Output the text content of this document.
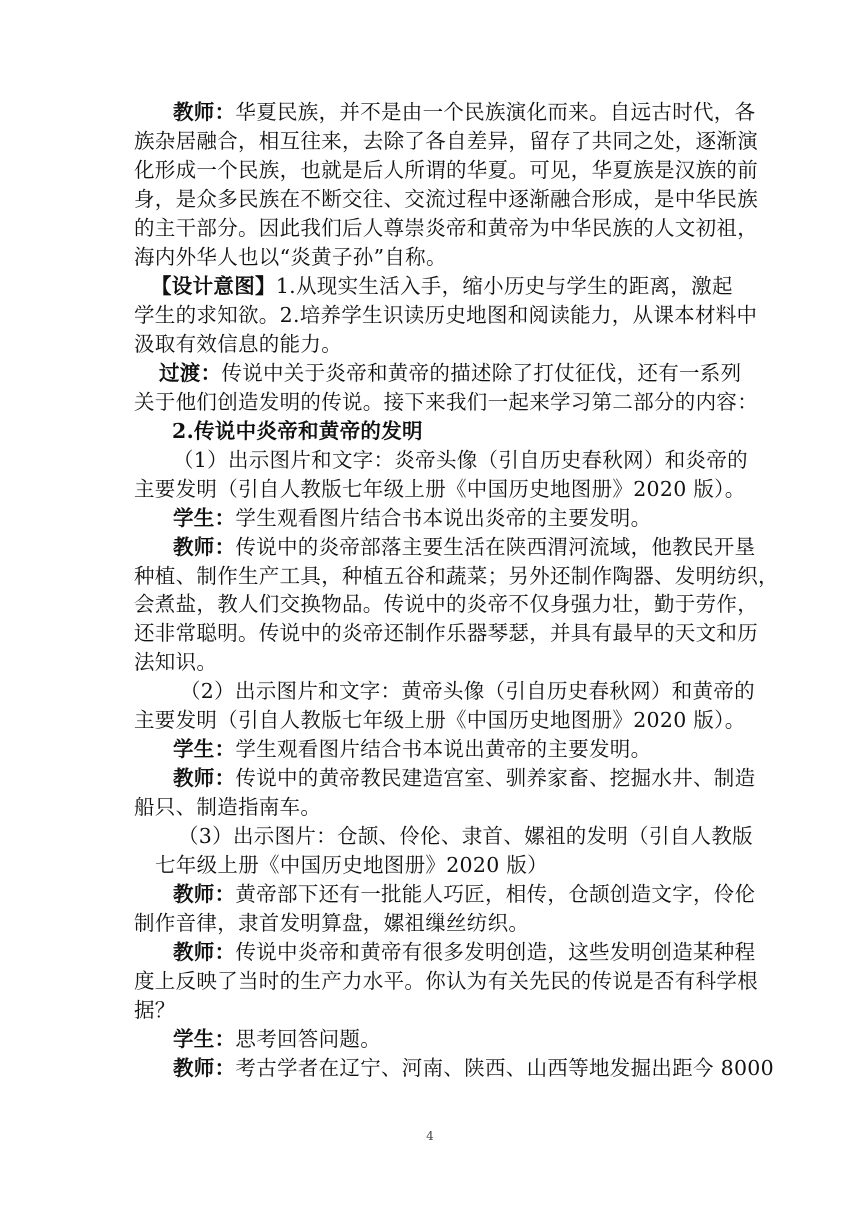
教师：华夏民族，并不是由一个民族演化而来。自远古时代，各
族杂居融合，相互往来，去除了各自差异，留存了共同之处，逐渐演
化形成一个民族，也就是后人所谓的华夏。可见，华夏族是汉族的前
身，是众多民族在不断交往、交流过程中逐渐融合形成，是中华民族
的主干部分。因此我们后人尊崇炎帝和黄帝为中华民族的人文初祖，
海内外华人也以“炎黄子孙”自称。
【设计意图】1.从现实生活入手，缩小历史与学生的距离，激起
学生的求知欲。2.培养学生识读历史地图和阅读能力，从课本材料中
汲取有效信息的能力。
过渡：传说中关于炎帝和黄帝的描述除了打仗征伐，还有一系列
关于他们创造发明的传说。接下来我们一起来学习第二部分的内容：
2.传说中炎帝和黄帝的发明
（1）出示图片和文字：炎帝头像（引自历史春秋网）和炎帝的
主要发明（引自人教版七年级上册《中国历史地图册》2020 版）。
学生：学生观看图片结合书本说出炎帝的主要发明。
教师：传说中的炎帝部落主要生活在陕西渭河流域，他教民开垦
种植、制作生产工具，种植五谷和蔬菜；另外还制作陶器、发明纺织，
会煮盐，教人们交换物品。传说中的炎帝不仅身强力壮，勤于劳作，
还非常聪明。传说中的炎帝还制作乐器琴瑟，并具有最早的天文和历
法知识。
（2）出示图片和文字：黄帝头像（引自历史春秋网）和黄帝的
主要发明（引自人教版七年级上册《中国历史地图册》2020 版）。
学生：学生观看图片结合书本说出黄帝的主要发明。
教师：传说中的黄帝教民建造宫室、驯养家畜、挖掘水井、制造
船只、制造指南车。
（3）出示图片：仓颉、伶伦、隶首、嫘祖的发明（引自人教版
七年级上册《中国历史地图册》2020 版）
教师：黄帝部下还有一批能人巧匠，相传，仓颉创造文字，伶伦
制作音律，隶首发明算盘，嫘祖缫丝纺织。
教师：传说中炎帝和黄帝有很多发明创造，这些发明创造某种程
度上反映了当时的生产力水平。你认为有关先民的传说是否有科学根
据？
学生：思考回答问题。
教师：考古学者在辽宁、河南、陕西、山西等地发掘出距今 8000
4
